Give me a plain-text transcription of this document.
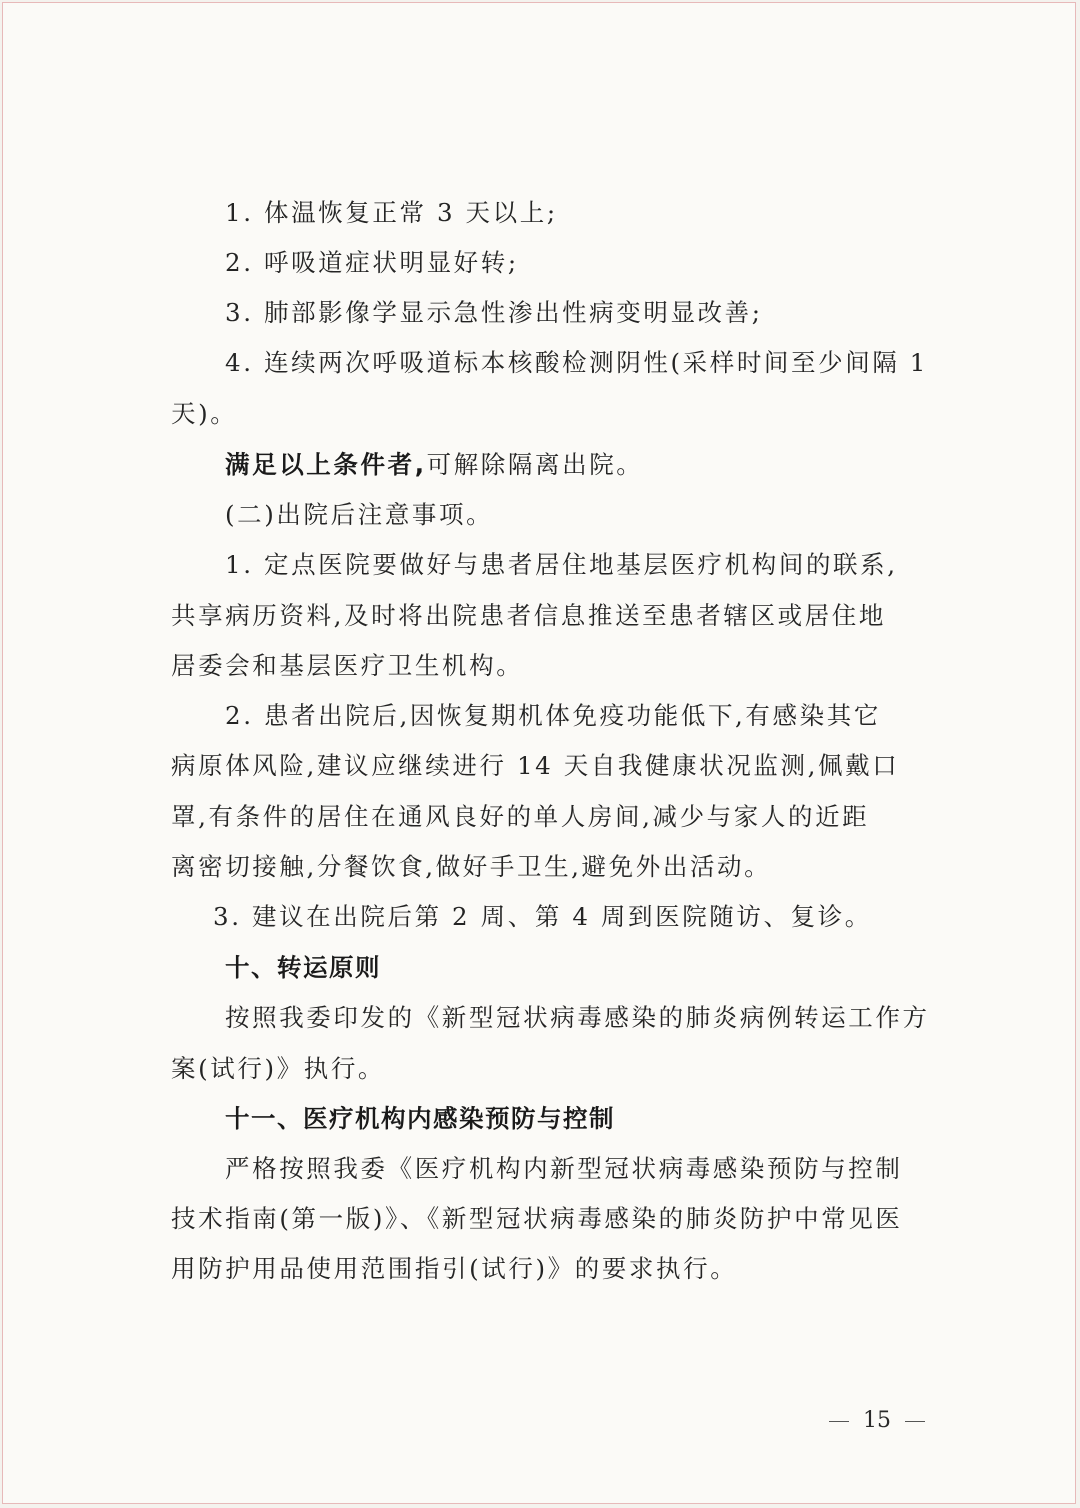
1. 体温恢复正常 3 天以上;
2. 呼吸道症状明显好转;
3. 肺部影像学显示急性渗出性病变明显改善;
4. 连续两次呼吸道标本核酸检测阴性(采样时间至少间隔 1
天)。
满足以上条件者,可解除隔离出院。
(二)出院后注意事项。
1. 定点医院要做好与患者居住地基层医疗机构间的联系,
共享病历资料,及时将出院患者信息推送至患者辖区或居住地
居委会和基层医疗卫生机构。
2. 患者出院后,因恢复期机体免疫功能低下,有感染其它
病原体风险,建议应继续进行 14 天自我健康状况监测,佩戴口
罩,有条件的居住在通风良好的单人房间,减少与家人的近距
离密切接触,分餐饮食,做好手卫生,避免外出活动。
3. 建议在出院后第 2 周、第 4 周到医院随访、复诊。
十、转运原则
按照我委印发的《新型冠状病毒感染的肺炎病例转运工作方
案(试行)》执行。
十一、医疗机构内感染预防与控制
严格按照我委《医疗机构内新型冠状病毒感染预防与控制
技术指南(第一版)》、《新型冠状病毒感染的肺炎防护中常见医
用防护用品使用范围指引(试行)》的要求执行。
15
